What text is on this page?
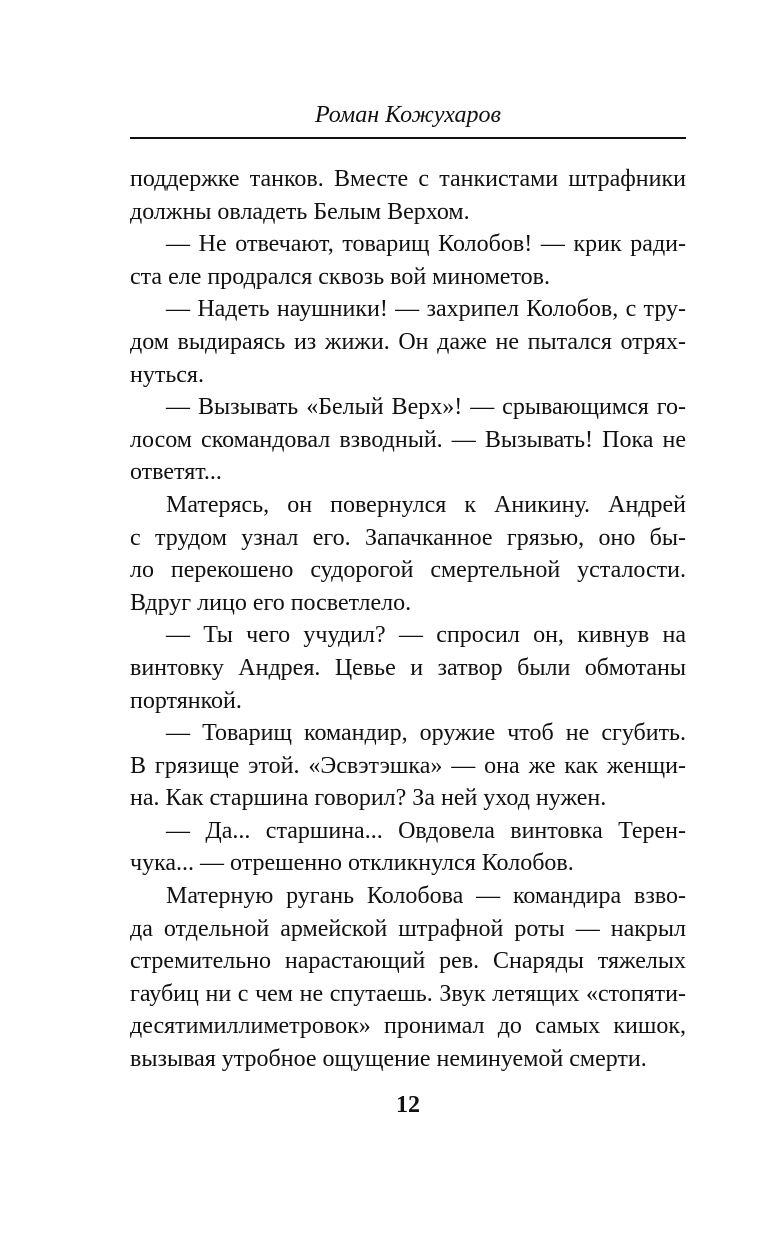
Роман Кожухаров
поддержке танков. Вместе с танкистами штрафники
должны овладеть Белым Верхом.
— Не отвечают, товарищ Колобов! — крик ради-
ста еле продрался сквозь вой минометов.
— Надеть наушники! — захрипел Колобов, с тру-
дом выдираясь из жижи. Он даже не пытался отрях-
нуться.
— Вызывать «Белый Верх»! — срывающимся го-
лосом скомандовал взводный. — Вызывать! Пока не
ответят...
Матерясь, он повернулся к Аникину. Андрей
с трудом узнал его. Запачканное грязью, оно бы-
ло перекошено судорогой смертельной усталости.
Вдруг лицо его посветлело.
— Ты чего учудил? — спросил он, кивнув на
винтовку Андрея. Цевье и затвор были обмотаны
портянкой.
— Товарищ командир, оружие чтоб не сгубить.
В грязище этой. «Эсвэтэшка» — она же как женщи-
на. Как старшина говорил? За ней уход нужен.
— Да... старшина... Овдовела винтовка Терен-
чука... — отрешенно откликнулся Колобов.
Матерную ругань Колобова — командира взво-
да отдельной армейской штрафной роты — накрыл
стремительно нарастающий рев. Снаряды тяжелых
гаубиц ни с чем не спутаешь. Звук летящих «стопяти-
десятимиллиметровок» пронимал до самых кишок,
вызывая утробное ощущение неминуемой смерти.
12
